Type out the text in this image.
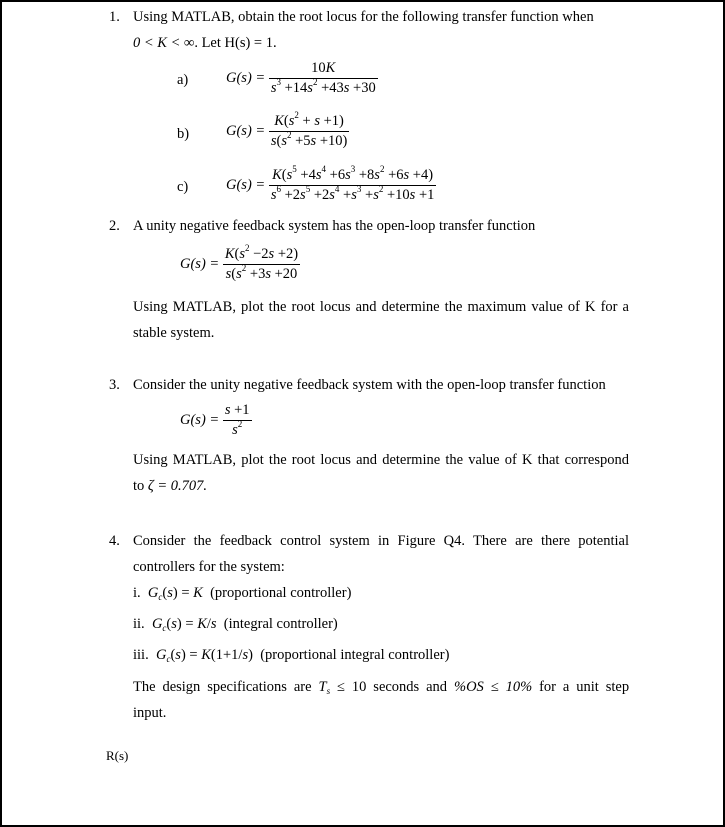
1. Using MATLAB, obtain the root locus for the following transfer function when
0 < K < ∞. Let H(s) = 1.
a)	$G(s) = \frac{10K}{s^3 +14s^2 +43s +30}$
b)	$G(s) = \frac{K(s^2 + s +1)}{s(s^2 +5s +10)}$
c)	$G(s) = \frac{K(s^5 +4s^4 +6s^3 +8s^2 +6s +4)}{s^6 +2s^5 +2s^4 +s^3 +s^2 +10s +1}$
2. A unity negative feedback system has the open-loop transfer function
$G(s) = \frac{K(s^2 -2s +2)}{s(s^2 +3s +20}$
Using MATLAB, plot the root locus and determine the maximum value of K for a
stable system.
3. Consider the unity negative feedback system with the open-loop transfer function
$G(s) = \frac{s +1}{s^2}$
Using MATLAB, plot the root locus and determine the value of K that correspond
to ζ = 0.707.
4. Consider the feedback control system in Figure Q4. There are there potential
controllers for the system:
i. $G_c(s) = K$ (proportional controller)
ii. $G_c(s) = K/s$ (integral controller)
iii. $G_c(s) = K(1+1/s)$  (proportional integral controller)
The design specifications are $T_s \le 10$ seconds and %OS ≤ 10% for a unit step
input.
R(s)
